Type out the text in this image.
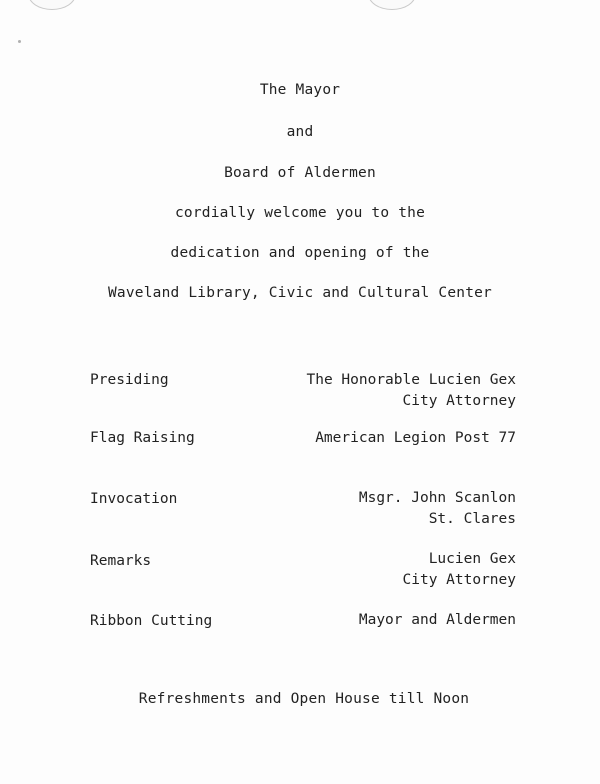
The Mayor
and
Board of Aldermen
cordially welcome you to the
dedication and opening of the
Waveland Library, Civic and Cultural Center
Presiding	The Honorable Lucien Gex
City Attorney
Flag Raising	American Legion Post 77
Invocation	Msgr. John Scanlon
St. Clares
Remarks	Lucien Gex
City Attorney
Ribbon Cutting	Mayor and Aldermen
Refreshments and Open House till Noon
